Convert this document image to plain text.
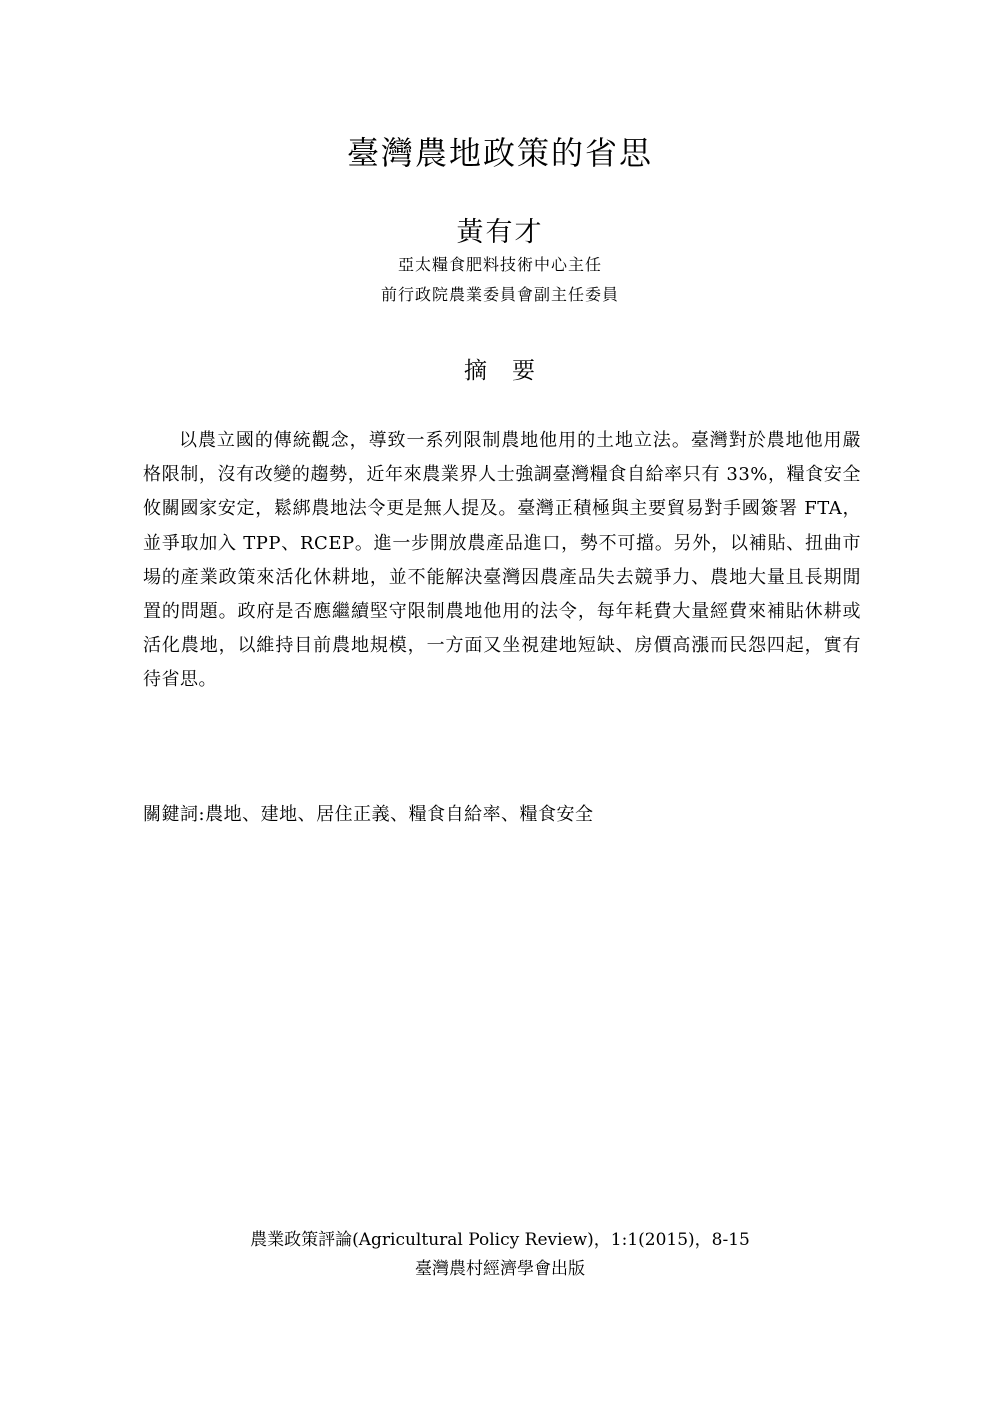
臺灣農地政策的省思
黃有才
亞太糧食肥料技術中心主任
前行政院農業委員會副主任委員
摘　要

以農立國的傳統觀念，導致一系列限制農地他用的土地立法。臺灣對於農地他用嚴格限制，沒有改變的趨勢，近年來農業界人士強調臺灣糧食自給率只有 33%，糧食安全攸關國家安定，鬆綁農地法令更是無人提及。臺灣正積極與主要貿易對手國簽署 FTA，並爭取加入 TPP、RCEP。進一步開放農產品進口，勢不可擋。另外，以補貼、扭曲市場的產業政策來活化休耕地，並不能解決臺灣因農產品失去競爭力、農地大量且長期閒置的問題。政府是否應繼續堅守限制農地他用的法令，每年耗費大量經費來補貼休耕或活化農地，以維持目前農地規模，一方面又坐視建地短缺、房價高漲而民怨四起，實有待省思。

關鍵詞:農地、建地、居住正義、糧食自給率、糧食安全
農業政策評論(Agricultural Policy Review)，1:1(2015)，8-15
臺灣農村經濟學會出版
